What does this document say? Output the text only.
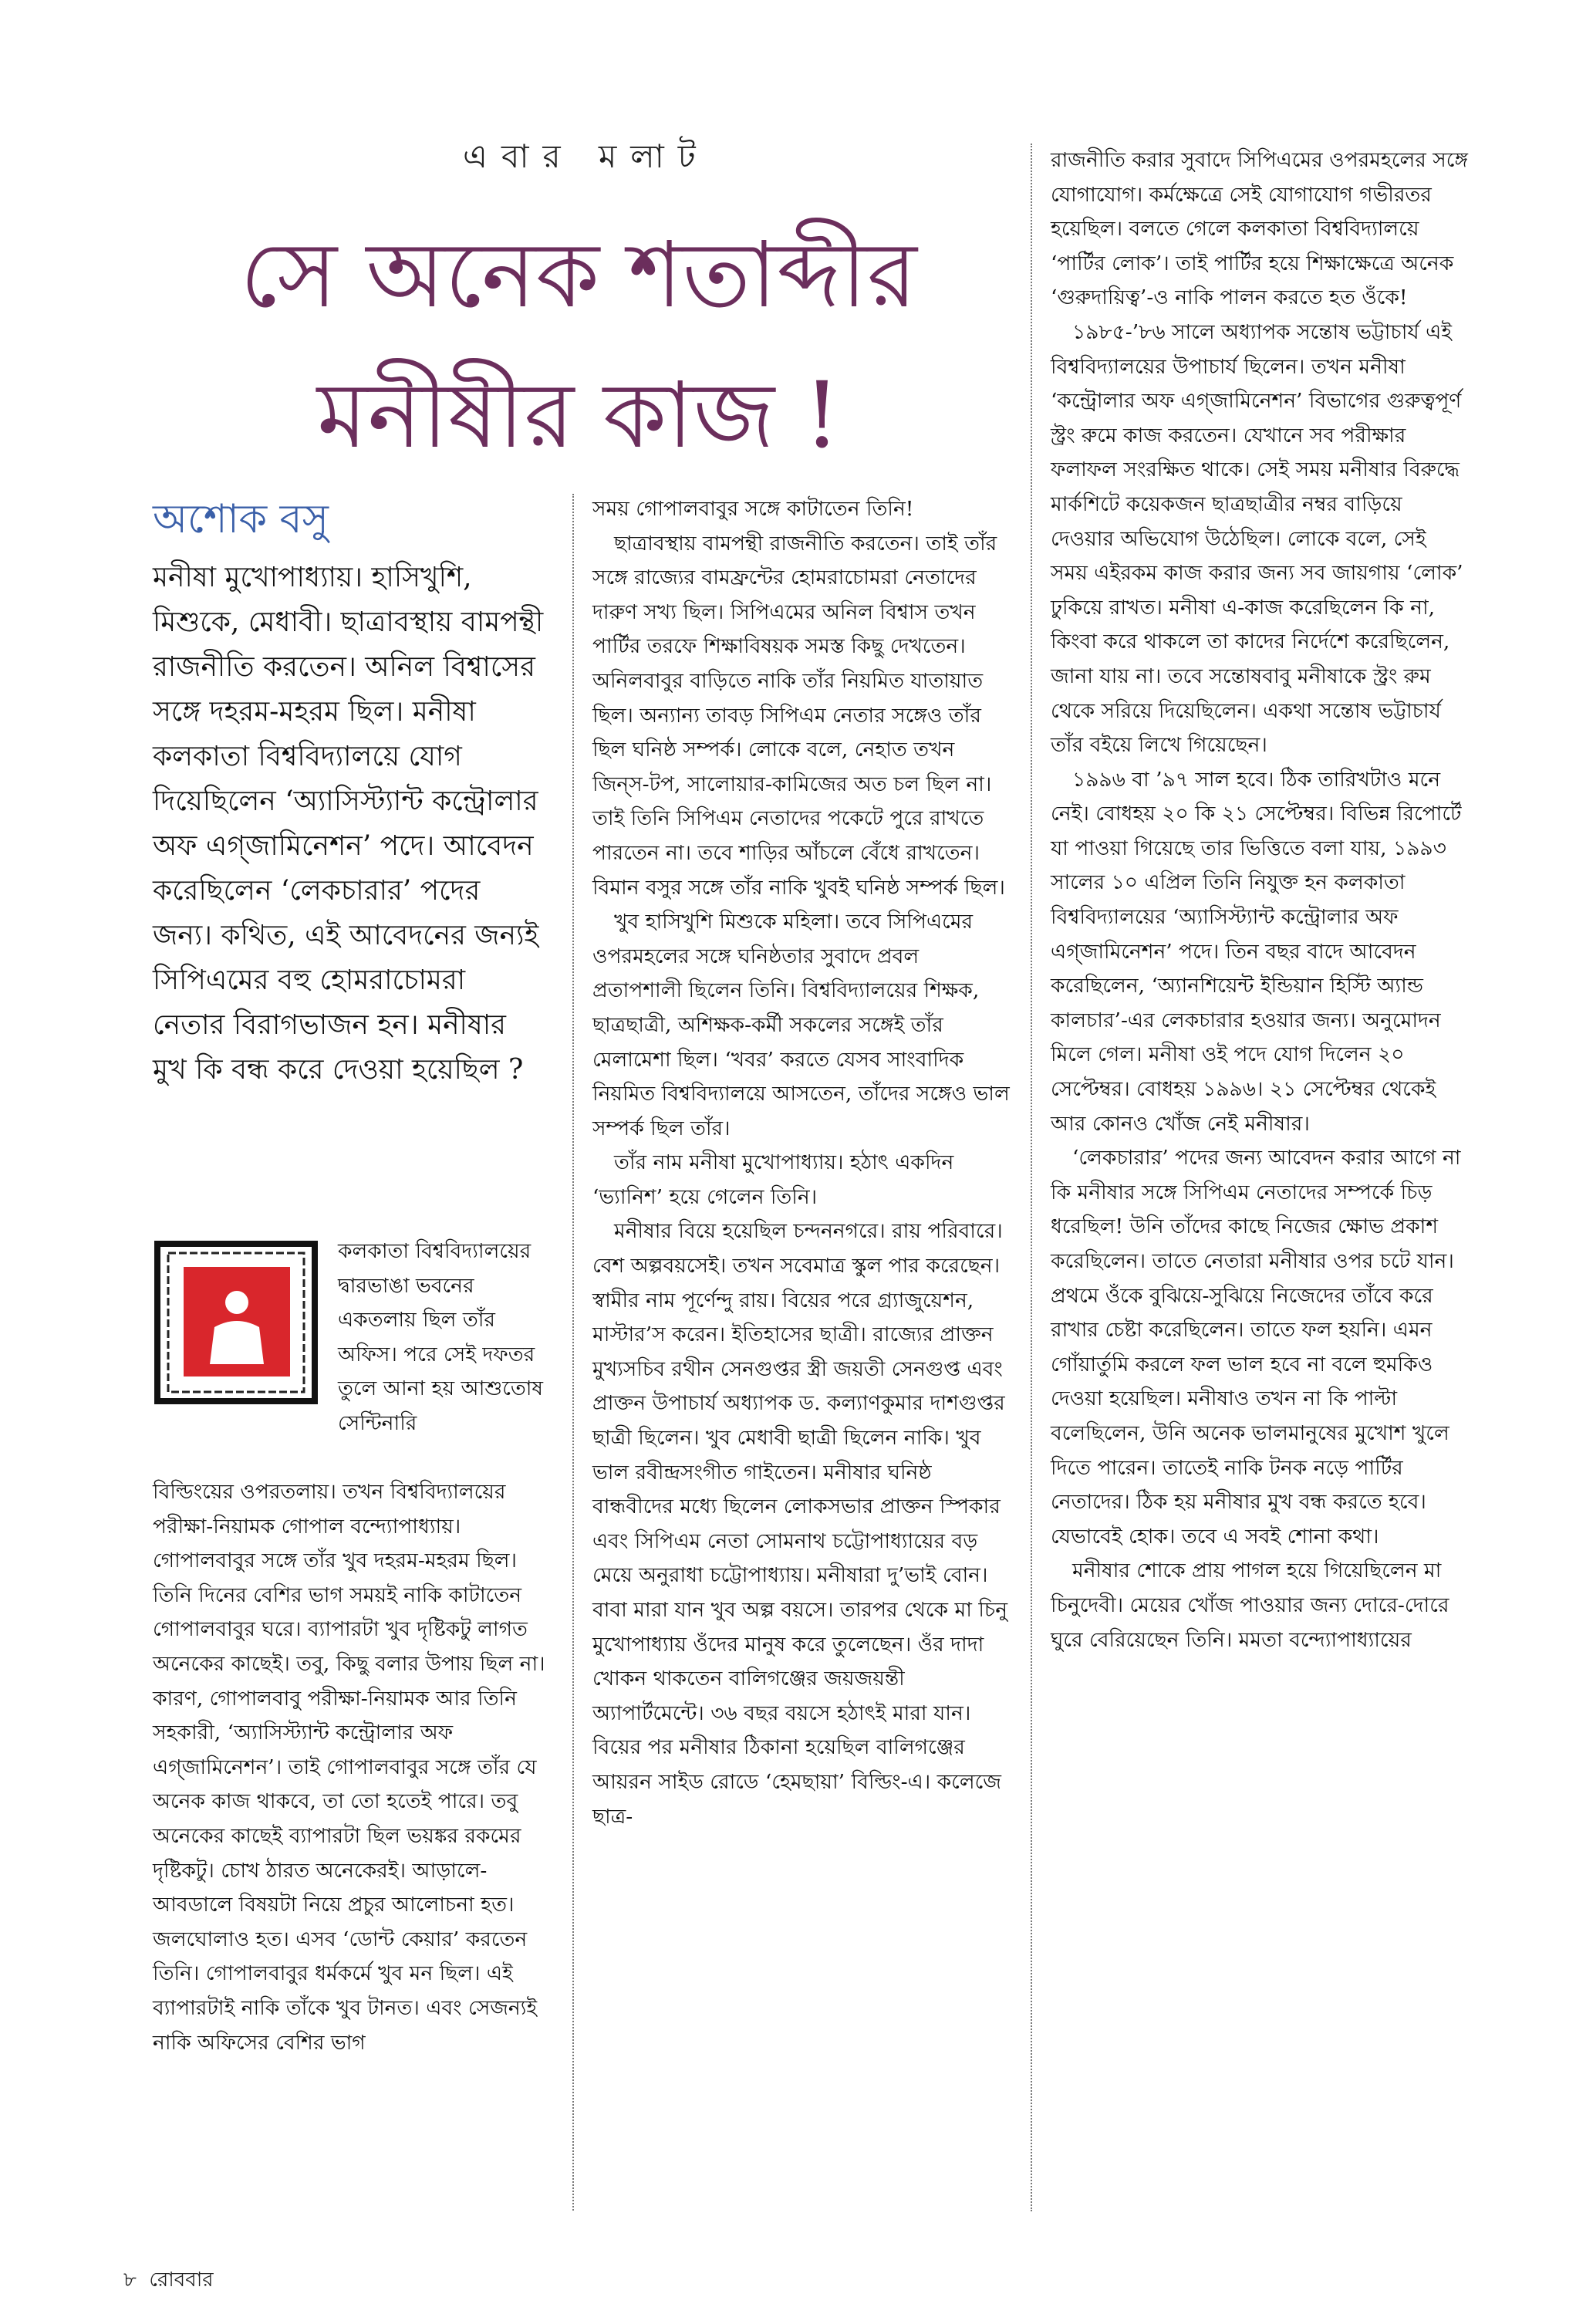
এবার মলাট
সে অনেক শতাব্দীর
মনীষীর কাজ !
অশোক বসু

মনীষা মুখোপাধ্যায়। হাসিখুশি, মিশুকে, মেধাবী। ছাত্রাবস্থায় বামপন্থী রাজনীতি করতেন। অনিল বিশ্বাসের সঙ্গে দহরম-মহরম ছিল। মনীষা কলকাতা বিশ্ববিদ্যালয়ে যোগ দিয়েছিলেন ‘অ্যাসিস্ট্যান্ট কন্ট্রোলার অফ এগ্‌জামিনেশন’ পদে। আবেদন করেছিলেন ‘লেকচারার’ পদের জন্য। কথিত, এই আবেদনের জন্যই সিপিএমের বহু হোমরাচোমরা নেতার বিরাগভাজন হন। মনীষার মুখ কি বন্ধ করে দেওয়া হয়েছিল ?

কলকাতা বিশ্ববিদ্যালয়ের দ্বারভাঙা ভবনের একতলায় ছিল তাঁর অফিস। পরে সেই দফতর তুলে আনা হয় আশুতোষ সেন্টিনারি

বিল্ডিংয়ের ওপরতলায়। তখন বিশ্ববিদ্যালয়ের পরীক্ষা-নিয়ামক গোপাল বন্দ্যোপাধ্যায়। গোপালবাবুর সঙ্গে তাঁর খুব দহরম-মহরম ছিল। তিনি দিনের বেশির ভাগ সময়ই নাকি কাটাতেন গোপালবাবুর ঘরে। ব্যাপারটা খুব দৃষ্টিকটু লাগত অনেকের কাছেই। তবু, কিছু বলার উপায় ছিল না। কারণ, গোপালবাবু পরীক্ষা-নিয়ামক আর তিনি সহকারী, ‘অ্যাসিস্ট্যান্ট কন্ট্রোলার অফ এগ্‌জামিনেশন’। তাই গোপালবাবুর সঙ্গে তাঁর যে অনেক কাজ থাকবে, তা তো হতেই পারে। তবু অনেকের কাছেই ব্যাপারটা ছিল ভয়ঙ্কর রকমের দৃষ্টিকটু। চোখ ঠারত অনেকেরই। আড়ালে-আবডালে বিষয়টা নিয়ে প্রচুর আলোচনা হত। জলঘোলাও হত। এসব ‘ডোন্ট কেয়ার’ করতেন তিনি। গোপালবাবুর ধর্মকর্মে খুব মন ছিল। এই ব্যাপারটাই নাকি তাঁকে খুব টানত। এবং সেজন্যই নাকি অফিসের বেশির ভাগ

সময় গোপালবাবুর সঙ্গে কাটাতেন তিনি!

ছাত্রাবস্থায় বামপন্থী রাজনীতি করতেন। তাই তাঁর সঙ্গে রাজ্যের বামফ্রন্টের হোমরাচোমরা নেতাদের দারুণ সখ্য ছিল। সিপিএমের অনিল বিশ্বাস তখন পার্টির তরফে শিক্ষাবিষয়ক সমস্ত কিছু দেখতেন। অনিলবাবুর বাড়িতে নাকি তাঁর নিয়মিত যাতায়াত ছিল। অন্যান্য তাবড় সিপিএম নেতার সঙ্গেও তাঁর ছিল ঘনিষ্ঠ সম্পর্ক। লোকে বলে, নেহাত তখন জিন্‌স-টপ, সালোয়ার-কামিজের অত চল ছিল না। তাই তিনি সিপিএম নেতাদের পকেটে পুরে রাখতে পারতেন না। তবে শাড়ির আঁচলে বেঁধে রাখতেন। বিমান বসুর সঙ্গে তাঁর নাকি খুবই ঘনিষ্ঠ সম্পর্ক ছিল।

খুব হাসিখুশি মিশুকে মহিলা। তবে সিপিএমের ওপরমহলের সঙ্গে ঘনিষ্ঠতার সুবাদে প্রবল প্রতাপশালী ছিলেন তিনি। বিশ্ববিদ্যালয়ের শিক্ষক, ছাত্রছাত্রী, অশিক্ষক-কর্মী সকলের সঙ্গেই তাঁর মেলামেশা ছিল। ‘খবর’ করতে যেসব সাংবাদিক নিয়মিত বিশ্ববিদ্যালয়ে আসতেন, তাঁদের সঙ্গেও ভাল সম্পর্ক ছিল তাঁর।

তাঁর নাম মনীষা মুখোপাধ্যায়। হঠাৎ একদিন ‘ভ্যানিশ’ হয়ে গেলেন তিনি।

মনীষার বিয়ে হয়েছিল চন্দননগরে। রায় পরিবারে। বেশ অল্পবয়সেই। তখন সবেমাত্র স্কুল পার করেছেন। স্বামীর নাম পূর্ণেন্দু রায়। বিয়ের পরে গ্র্যাজুয়েশন, মাস্টার’স করেন। ইতিহাসের ছাত্রী। রাজ্যের প্রাক্তন মুখ্যসচিব রথীন সেনগুপ্তর স্ত্রী জয়তী সেনগুপ্ত এবং প্রাক্তন উপাচার্য অধ্যাপক ড. কল্যাণকুমার দাশগুপ্তর ছাত্রী ছিলেন। খুব মেধাবী ছাত্রী ছিলেন নাকি। খুব ভাল রবীন্দ্রসংগীত গাইতেন। মনীষার ঘনিষ্ঠ বান্ধবীদের মধ্যে ছিলেন লোকসভার প্রাক্তন স্পিকার এবং সিপিএম নেতা সোমনাথ চট্টোপাধ্যায়ের বড় মেয়ে অনুরাধা চট্টোপাধ্যায়। মনীষারা দু’ভাই বোন। বাবা মারা যান খুব অল্প বয়সে। তারপর থেকে মা চিনু মুখোপাধ্যায় ওঁদের মানুষ করে তুলেছেন। ওঁর দাদা খোকন থাকতেন বালিগঞ্জের জয়জয়ন্তী অ্যাপার্টমেন্টে। ৩৬ বছর বয়সে হঠাৎই মারা যান। বিয়ের পর মনীষার ঠিকানা হয়েছিল বালিগঞ্জের আয়রন সাইড রোডে ‘হেমছায়া’ বিল্ডিং-এ। কলেজে ছাত্র-

রাজনীতি করার সুবাদে সিপিএমের ওপরমহলের সঙ্গে যোগাযোগ। কর্মক্ষেত্রে সেই যোগাযোগ গভীরতর হয়েছিল। বলতে গেলে কলকাতা বিশ্ববিদ্যালয়ে ‘পার্টির লোক’। তাই পার্টির হয়ে শিক্ষাক্ষেত্রে অনেক ‘গুরুদায়িত্ব’-ও নাকি পালন করতে হত ওঁকে!

১৯৮৫-’৮৬ সালে অধ্যাপক সন্তোষ ভট্টাচার্য এই বিশ্ববিদ্যালয়ের উপাচার্য ছিলেন। তখন মনীষা ‘কন্ট্রোলার অফ এগ্‌জামিনেশন’ বিভাগের গুরুত্বপূর্ণ স্ট্রং রুমে কাজ করতেন। যেখানে সব পরীক্ষার ফলাফল সংরক্ষিত থাকে। সেই সময় মনীষার বিরুদ্ধে মার্কশিটে কয়েকজন ছাত্রছাত্রীর নম্বর বাড়িয়ে দেওয়ার অভিযোগ উঠেছিল। লোকে বলে, সেই সময় এইরকম কাজ করার জন্য সব জায়গায় ‘লোক’ ঢুকিয়ে রাখত। মনীষা এ-কাজ করেছিলেন কি না, কিংবা করে থাকলে তা কাদের নির্দেশে করেছিলেন, জানা যায় না। তবে সন্তোষবাবু মনীষাকে স্ট্রং রুম থেকে সরিয়ে দিয়েছিলেন। একথা সন্তোষ ভট্টাচার্য তাঁর বইয়ে লিখে গিয়েছেন।

১৯৯৬ বা ’৯৭ সাল হবে। ঠিক তারিখটাও মনে নেই। বোধহয় ২০ কি ২১ সেপ্টেম্বর। বিভিন্ন রিপোর্টে যা পাওয়া গিয়েছে তার ভিত্তিতে বলা যায়, ১৯৯৩ সালের ১০ এপ্রিল তিনি নিযুক্ত হন কলকাতা বিশ্ববিদ্যালয়ের ‘অ্যাসিস্ট্যান্ট কন্ট্রোলার অফ এগ্‌জামিনেশন’ পদে। তিন বছর বাদে আবেদন করেছিলেন, ‘অ্যানশিয়েন্ট ইন্ডিয়ান হিস্টি অ্যান্ড কালচার’-এর লেকচারার হওয়ার জন্য। অনুমোদন মিলে গেল। মনীষা ওই পদে যোগ দিলেন ২০ সেপ্টেম্বর। বোধহয় ১৯৯৬। ২১ সেপ্টেম্বর থেকেই আর কোনও খোঁজ নেই মনীষার।

‘লেকচারার’ পদের জন্য আবেদন করার আগে না কি মনীষার সঙ্গে সিপিএম নেতাদের সম্পর্কে চিড় ধরেছিল! উনি তাঁদের কাছে নিজের ক্ষোভ প্রকাশ করেছিলেন। তাতে নেতারা মনীষার ওপর চটে যান। প্রথমে ওঁকে বুঝিয়ে-সুঝিয়ে নিজেদের তাঁবে করে রাখার চেষ্টা করেছিলেন। তাতে ফল হয়নি। এমন গোঁয়ার্তুমি করলে ফল ভাল হবে না বলে হুমকিও দেওয়া হয়েছিল। মনীষাও তখন না কি পাল্টা বলেছিলেন, উনি অনেক ভালমানুষের মুখোশ খুলে দিতে পারেন। তাতেই নাকি টনক নড়ে পার্টির নেতাদের। ঠিক হয় মনীষার মুখ বন্ধ করতে হবে। যেভাবেই হোক। তবে এ সবই শোনা কথা।

মনীষার শোকে প্রায় পাগল হয়ে গিয়েছিলেন মা চিনুদেবী। মেয়ের খোঁজ পাওয়ার জন্য দোরে-দোরে ঘুরে বেরিয়েছেন তিনি। মমতা বন্দ্যোপাধ্যায়ের

৮ রোববার
